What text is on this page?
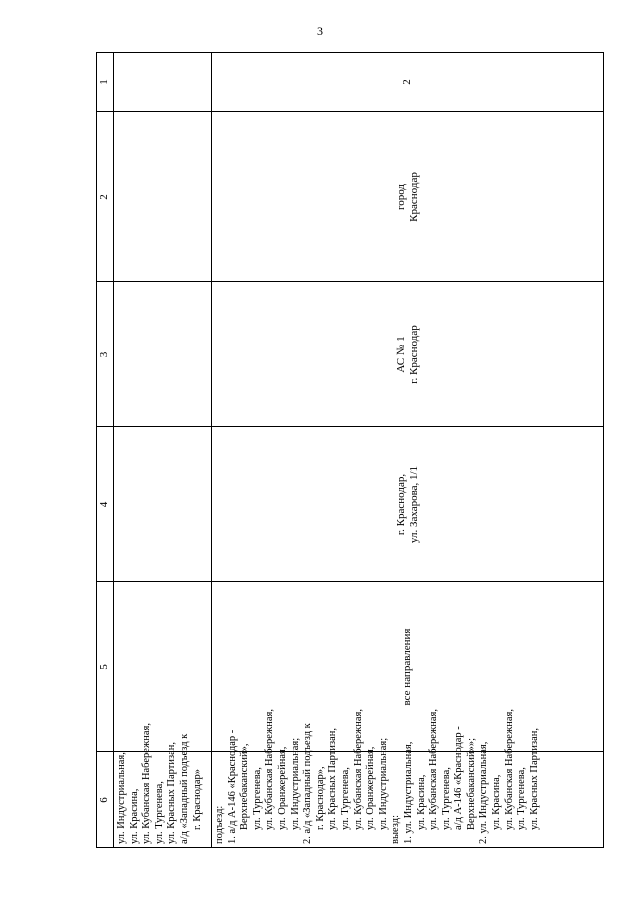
3
1
2
3
4
5
6
2
город Краснодар
АС № 1 г. Краснодар
г. Краснодар, ул. Захарова, 1/1
все направления
ул. Индустриальная, ул. Красина, ул. Кубанская Набережная, ул. Тургенева, ул. Красных Партизан, а/д «Западный подъезд к г. Краснодар» подъезд: 1. а/д А-146 «Краснодар - Верхнебаканский», ул. Тургенева, ул. Кубанская Набережная, ул. Оранжерейная, ул. Индустриальная; 2. а/д «Западный подъезд к г. Краснодар», ул. Красных Партизан, ул. Тургенева, ул. Кубанская Набережная, ул. Оранжерейная, ул. Индустриальная; выезд: 1. ул. Индустриальная, ул. Красина, ул. Кубанская Набережная, ул. Тургенева, а/д А-146 «Краснодар - Верхнебаканский»»; 2. ул. Индустриальная, ул. Красина, ул. Кубанская Набережная, ул. Тургенева, ул. Красных Партизан,
